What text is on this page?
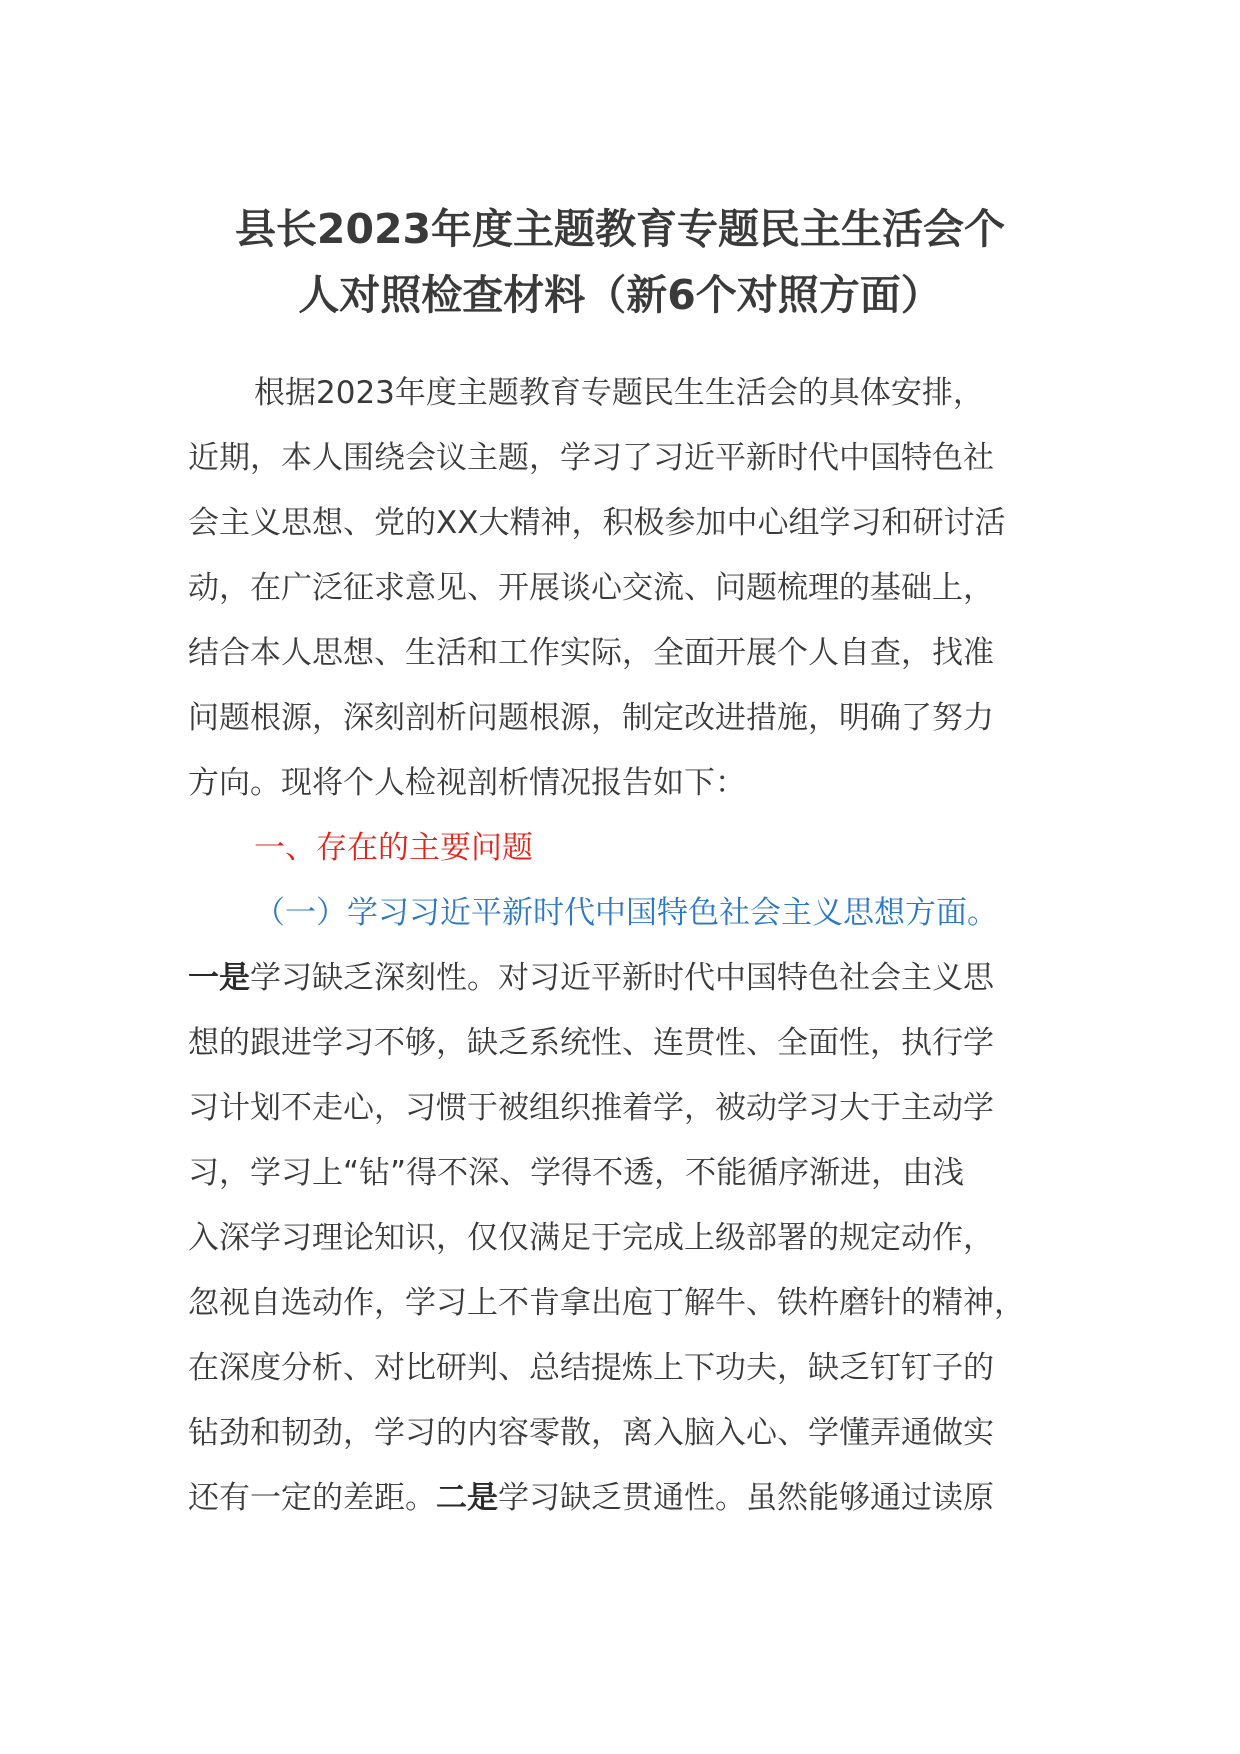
县长2023年度主题教育专题民主生活会个
人对照检查材料（新6个对照方面）
根据2023年度主题教育专题民生生活会的具体安排，
近期，本人围绕会议主题，学习了习近平新时代中国特色社
会主义思想、党的XX大精神，积极参加中心组学习和研讨活
动，在广泛征求意见、开展谈心交流、问题梳理的基础上，
结合本人思想、生活和工作实际，全面开展个人自查，找准
问题根源，深刻剖析问题根源，制定改进措施，明确了努力
方向。现将个人检视剖析情况报告如下：
一、存在的主要问题
（一）学习习近平新时代中国特色社会主义思想方面。
一是学习缺乏深刻性。对习近平新时代中国特色社会主义思
想的跟进学习不够，缺乏系统性、连贯性、全面性，执行学
习计划不走心，习惯于被组织推着学，被动学习大于主动学
习，学习上“钻”得不深、学得不透，不能循序渐进，由浅
入深学习理论知识，仅仅满足于完成上级部署的规定动作，
忽视自选动作，学习上不肯拿出庖丁解牛、铁杵磨针的精神，
在深度分析、对比研判、总结提炼上下功夫，缺乏钉钉子的
钻劲和韧劲，学习的内容零散，离入脑入心、学懂弄通做实
还有一定的差距。二是学习缺乏贯通性。虽然能够通过读原
